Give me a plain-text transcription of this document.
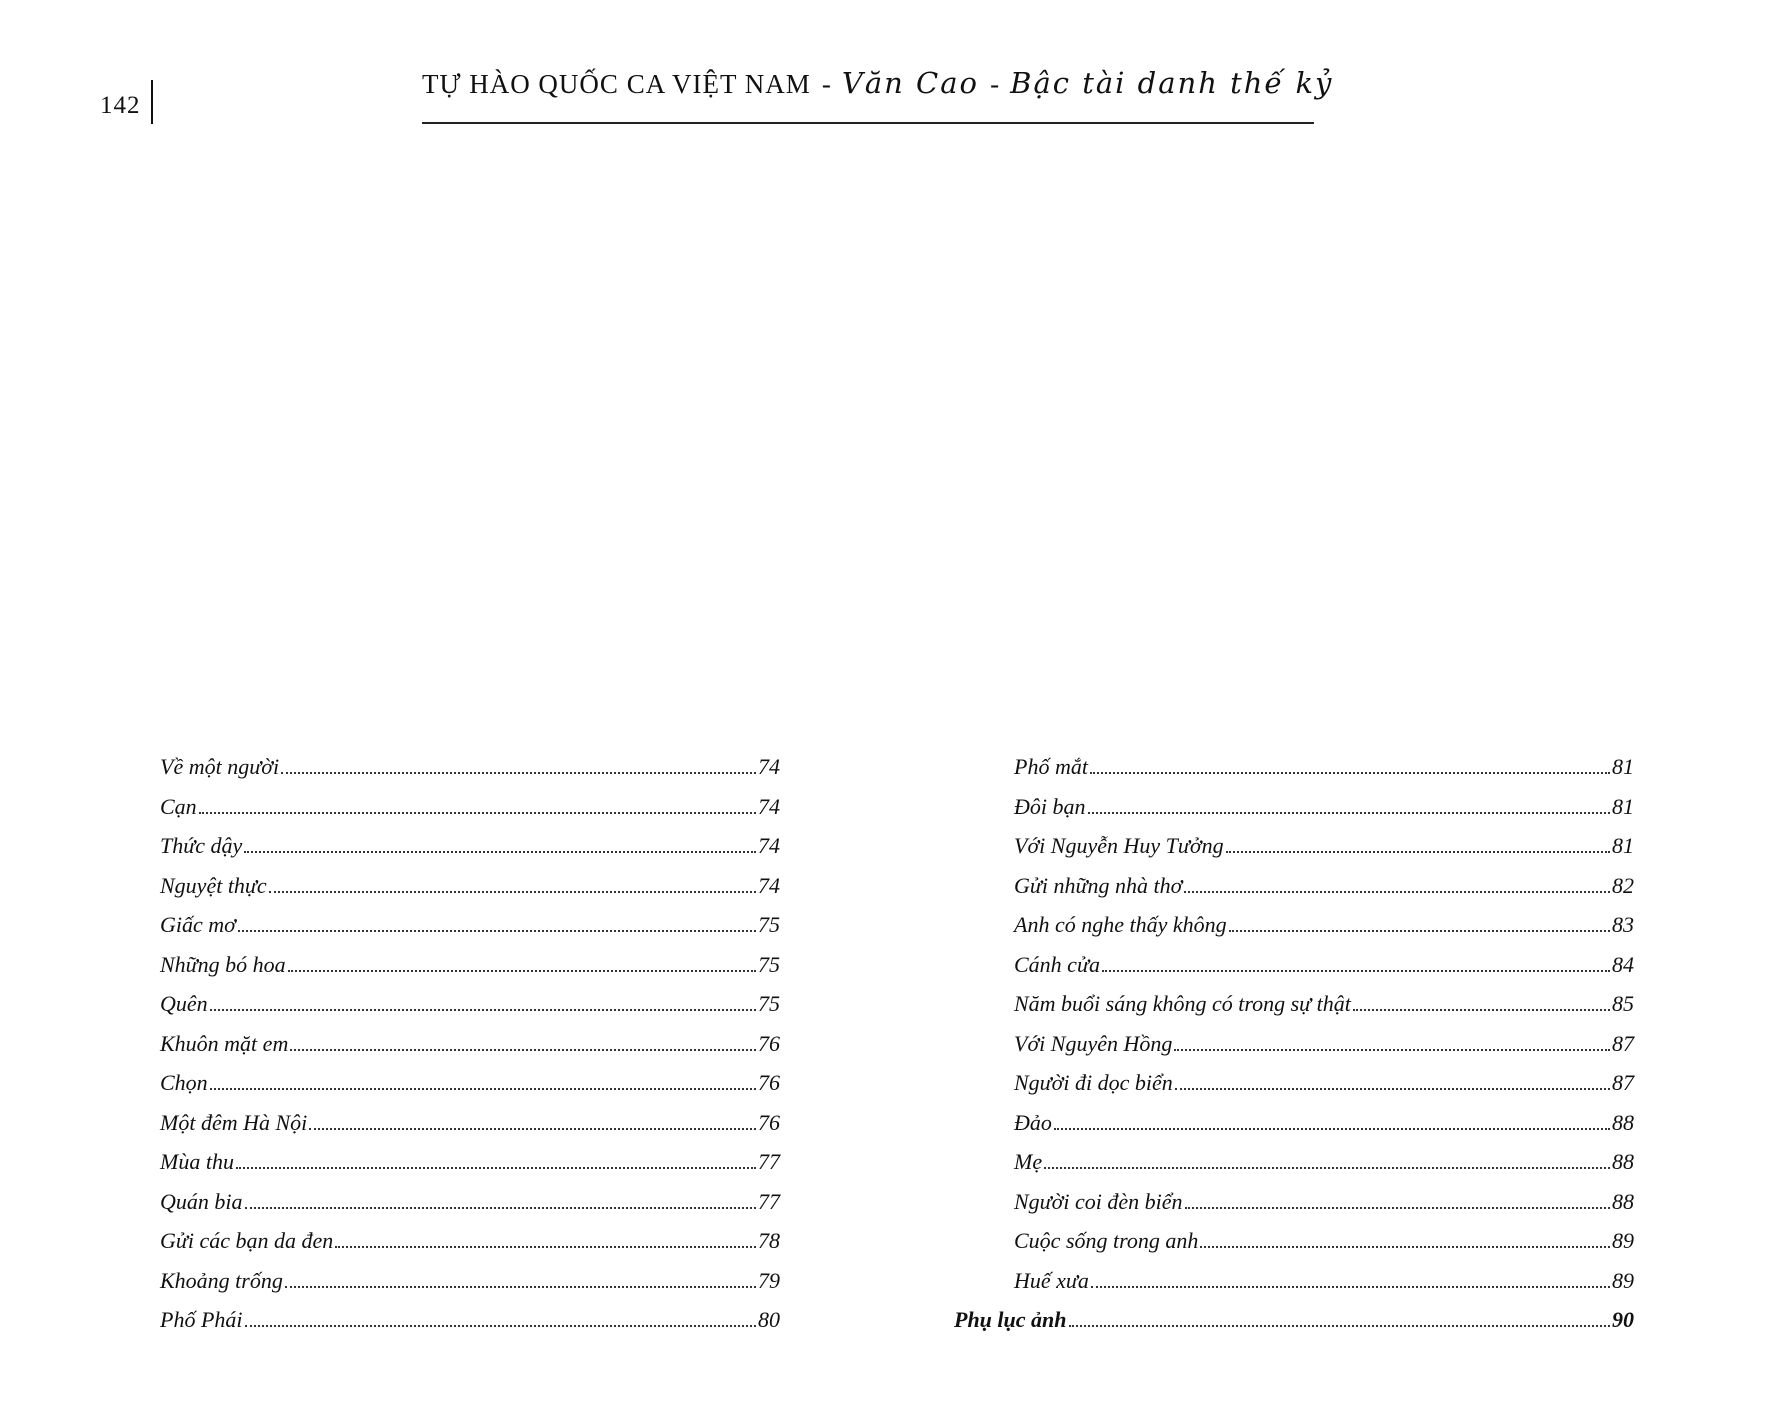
142
TỰ HÀO QUỐC CA VIỆT NAM - Văn Cao - Bậc tài danh thế kỷ
Về một người	74
Cạn	74
Thức dậy	74
Nguyệt thực	74
Giấc mơ	75
Những bó hoa	75
Quên	75
Khuôn mặt em	76
Chọn	76
Một đêm Hà Nội	76
Mùa thu	77
Quán bia	77
Gửi các bạn da đen	78
Khoảng trống	79
Phố Phái	80
Phố mắt	81
Đôi bạn	81
Với Nguyễn Huy Tưởng	81
Gửi những nhà thơ	82
Anh có nghe thấy không	83
Cánh cửa	84
Năm buổi sáng không có trong sự thật	85
Với Nguyên Hồng	87
Người đi dọc biển	87
Đảo	88
Mẹ	88
Người coi đèn biển	88
Cuộc sống trong anh	89
Huế xưa	89
Phụ lục ảnh	90
